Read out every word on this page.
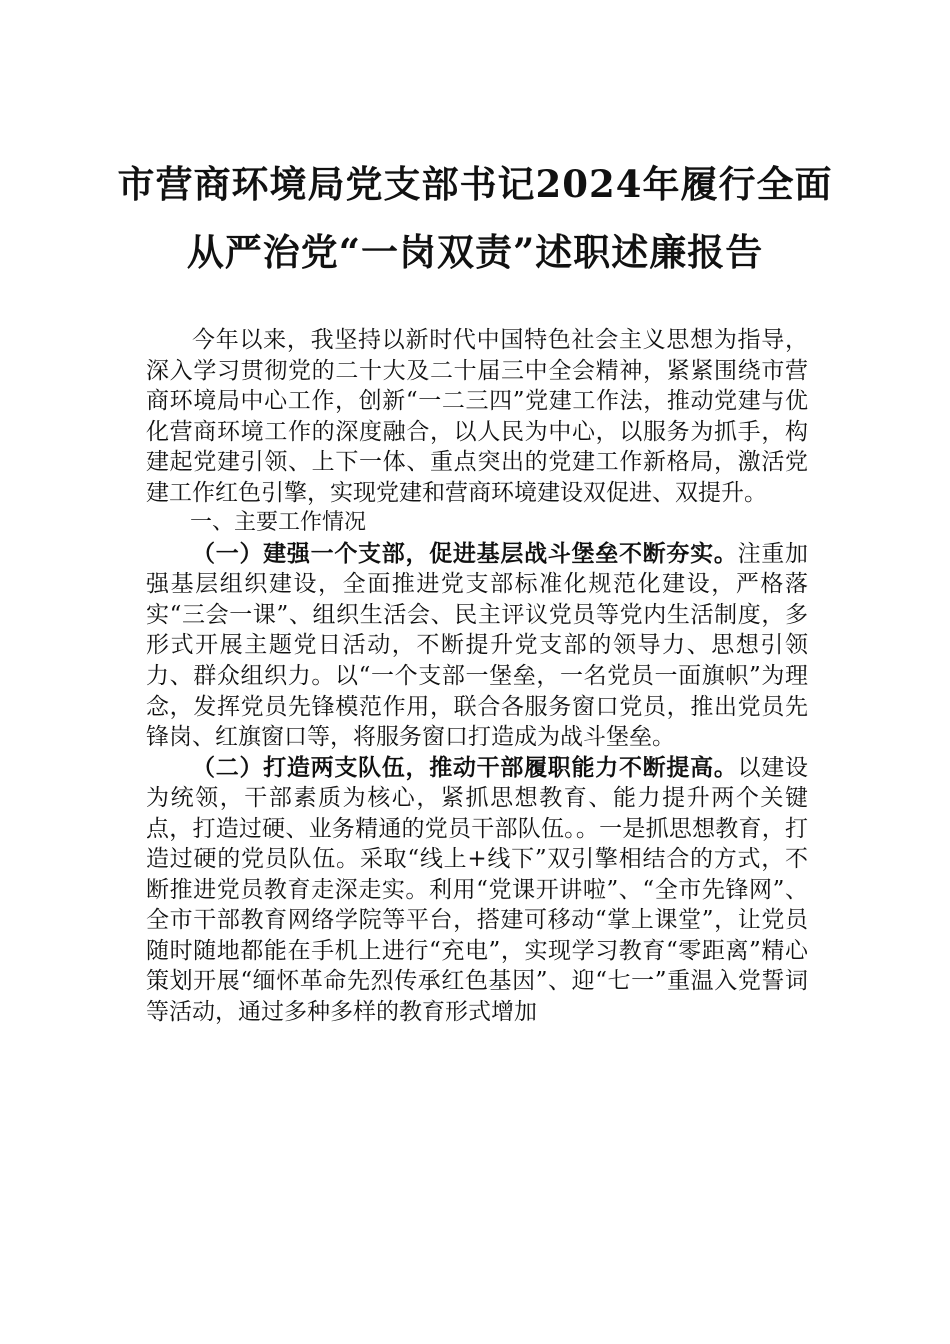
市营商环境局党支部书记2024年履行全面
从严治党“一岗双责”述职述廉报告

今年以来，我坚持以新时代中国特色社会主义思想为指导，深入学习贯彻党的二十大及二十届三中全会精神，紧紧围绕市营商环境局中心工作，创新“一二三四”党建工作法，推动党建与优化营商环境工作的深度融合，以人民为中心，以服务为抓手，构建起党建引领、上下一体、重点突出的党建工作新格局，激活党建工作红色引擎，实现党建和营商环境建设双促进、双提升。

一、主要工作情况

（一）建强一个支部，促进基层战斗堡垒不断夯实。注重加强基层组织建设，全面推进党支部标准化规范化建设，严格落实“三会一课”、组织生活会、民主评议党员等党内生活制度，多形式开展主题党日活动，不断提升党支部的领导力、思想引领力、群众组织力。以“一个支部一堡垒，一名党员一面旗帜”为理念，发挥党员先锋模范作用，联合各服务窗口党员，推出党员先锋岗、红旗窗口等，将服务窗口打造成为战斗堡垒。

（二）打造两支队伍，推动干部履职能力不断提高。以建设为统领，干部素质为核心，紧抓思想教育、能力提升两个关键点，打造过硬、业务精通的党员干部队伍。。一是抓思想教育，打造过硬的党员队伍。采取“线上+线下”双引擎相结合的方式，不断推进党员教育走深走实。利用“党课开讲啦”、“全市先锋网”、全市干部教育网络学院等平台，搭建可移动“掌上课堂”，让党员随时随地都能在手机上进行“充电”，实现学习教育“零距离”精心策划开展“缅怀革命先烈传承红色基因”、迎“七一”重温入党誓词等活动，通过多种多样的教育形式增加
